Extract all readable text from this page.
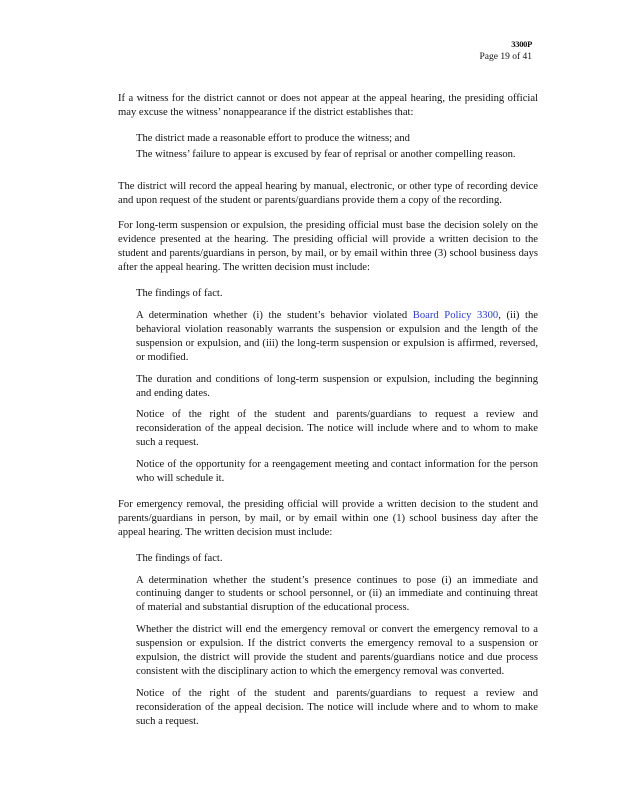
3300P
Page 19 of 41

If a witness for the district cannot or does not appear at the appeal hearing, the presiding official may excuse the witness’ nonappearance if the district establishes that:

The district made a reasonable effort to produce the witness; and
The witness’ failure to appear is excused by fear of reprisal or another compelling reason.

The district will record the appeal hearing by manual, electronic, or other type of recording device and upon request of the student or parents/guardians provide them a copy of the recording.

For long-term suspension or expulsion, the presiding official must base the decision solely on the evidence presented at the hearing. The presiding official will provide a written decision to the student and parents/guardians in person, by mail, or by email within three (3) school business days after the appeal hearing. The written decision must include:

The findings of fact.
A determination whether (i) the student’s behavior violated Board Policy 3300, (ii) the behavioral violation reasonably warrants the suspension or expulsion and the length of the suspension or expulsion, and (iii) the long-term suspension or expulsion is affirmed, reversed, or modified.
The duration and conditions of long-term suspension or expulsion, including the beginning and ending dates.
Notice of the right of the student and parents/guardians to request a review and reconsideration of the appeal decision. The notice will include where and to whom to make such a request.
Notice of the opportunity for a reengagement meeting and contact information for the person who will schedule it.

For emergency removal, the presiding official will provide a written decision to the student and parents/guardians in person, by mail, or by email within one (1) school business day after the appeal hearing. The written decision must include:

The findings of fact.
A determination whether the student’s presence continues to pose (i) an immediate and continuing danger to students or school personnel, or (ii) an immediate and continuing threat of material and substantial disruption of the educational process.
Whether the district will end the emergency removal or convert the emergency removal to a suspension or expulsion. If the district converts the emergency removal to a suspension or expulsion, the district will provide the student and parents/guardians notice and due process consistent with the disciplinary action to which the emergency removal was converted.
Notice of the right of the student and parents/guardians to request a review and reconsideration of the appeal decision. The notice will include where and to whom to make such a request.
